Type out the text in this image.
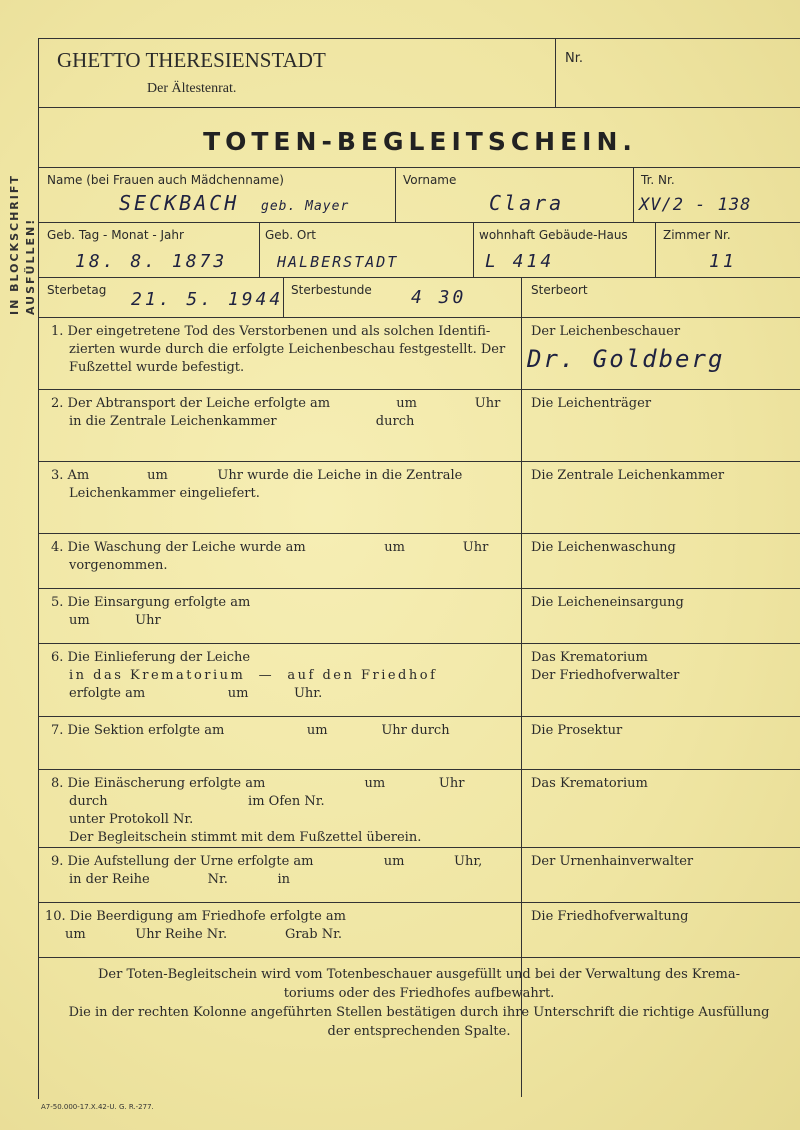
IN BLOCKSCHRIFT AUSFÜLLEN!
GHETTO THERESIENSTADT
Der Ältestenrat.
Nr.
TOTEN-BEGLEITSCHEIN.
Name (bei Frauen auch Mädchenname)
SECKBACH geb. Mayer
Vorname
Clara
Tr. Nr.
XV/2 - 138
Geb. Tag - Monat - Jahr
18. 8. 1873
Geb. Ort
HALBERSTADT
wohnhaft Gebäude-Haus
L 414
Zimmer Nr.
11
Sterbetag 21. 5. 1944 Sterbestunde 4 30	Sterbeort
1. Der eingetretene Tod des Verstorbenen und als solchen Identifi-
zierten wurde durch die erfolgte Leichenbeschau festgestellt. Der
Fußzettel wurde befestigt.
Der Leichenbeschauer
Dr. Goldberg
2. Der Abtransport der Leiche erfolgte am                um              Uhr
in die Zentrale Leichenkammer                        durch
Die Leichenträger
3. Am              um            Uhr wurde die Leiche in die Zentrale
Leichenkammer eingeliefert.
Die Zentrale Leichenkammer
4. Die Waschung der Leiche wurde am                   um              Uhr
vorgenommen.
Die Leichenwaschung
5. Die Einsargung erfolgte am
um           Uhr
Die Leicheneinsargung
6. Die Einlieferung der Leiche
in das Krematorium  —  auf den Friedhof
erfolgte am                    um           Uhr.
Das Krematorium
Der Friedhofverwalter
7. Die Sektion erfolgte am                    um             Uhr durch	Die Prosektur
8. Die Einäscherung erfolgte am                        um             Uhr
durch                                  im Ofen Nr.
unter Protokoll Nr.
Der Begleitschein stimmt mit dem Fußzettel überein.
Das Krematorium
9. Die Aufstellung der Urne erfolgte am                 um            Uhr,
in der Reihe              Nr.            in
Der Urnenhainverwalter
10. Die Beerdigung am Friedhofe erfolgte am
um            Uhr Reihe Nr.              Grab Nr.
Die Friedhofverwaltung
Der Toten-Begleitschein wird vom Totenbeschauer ausgefüllt und bei der Verwaltung des Krema-
toriums oder des Friedhofes aufbewahrt.
Die in der rechten Kolonne angeführten Stellen bestätigen durch ihre Unterschrift die richtige Ausfüllung
der entsprechenden Spalte.
A7-50.000-17.X.42-U. G. R.-277.
